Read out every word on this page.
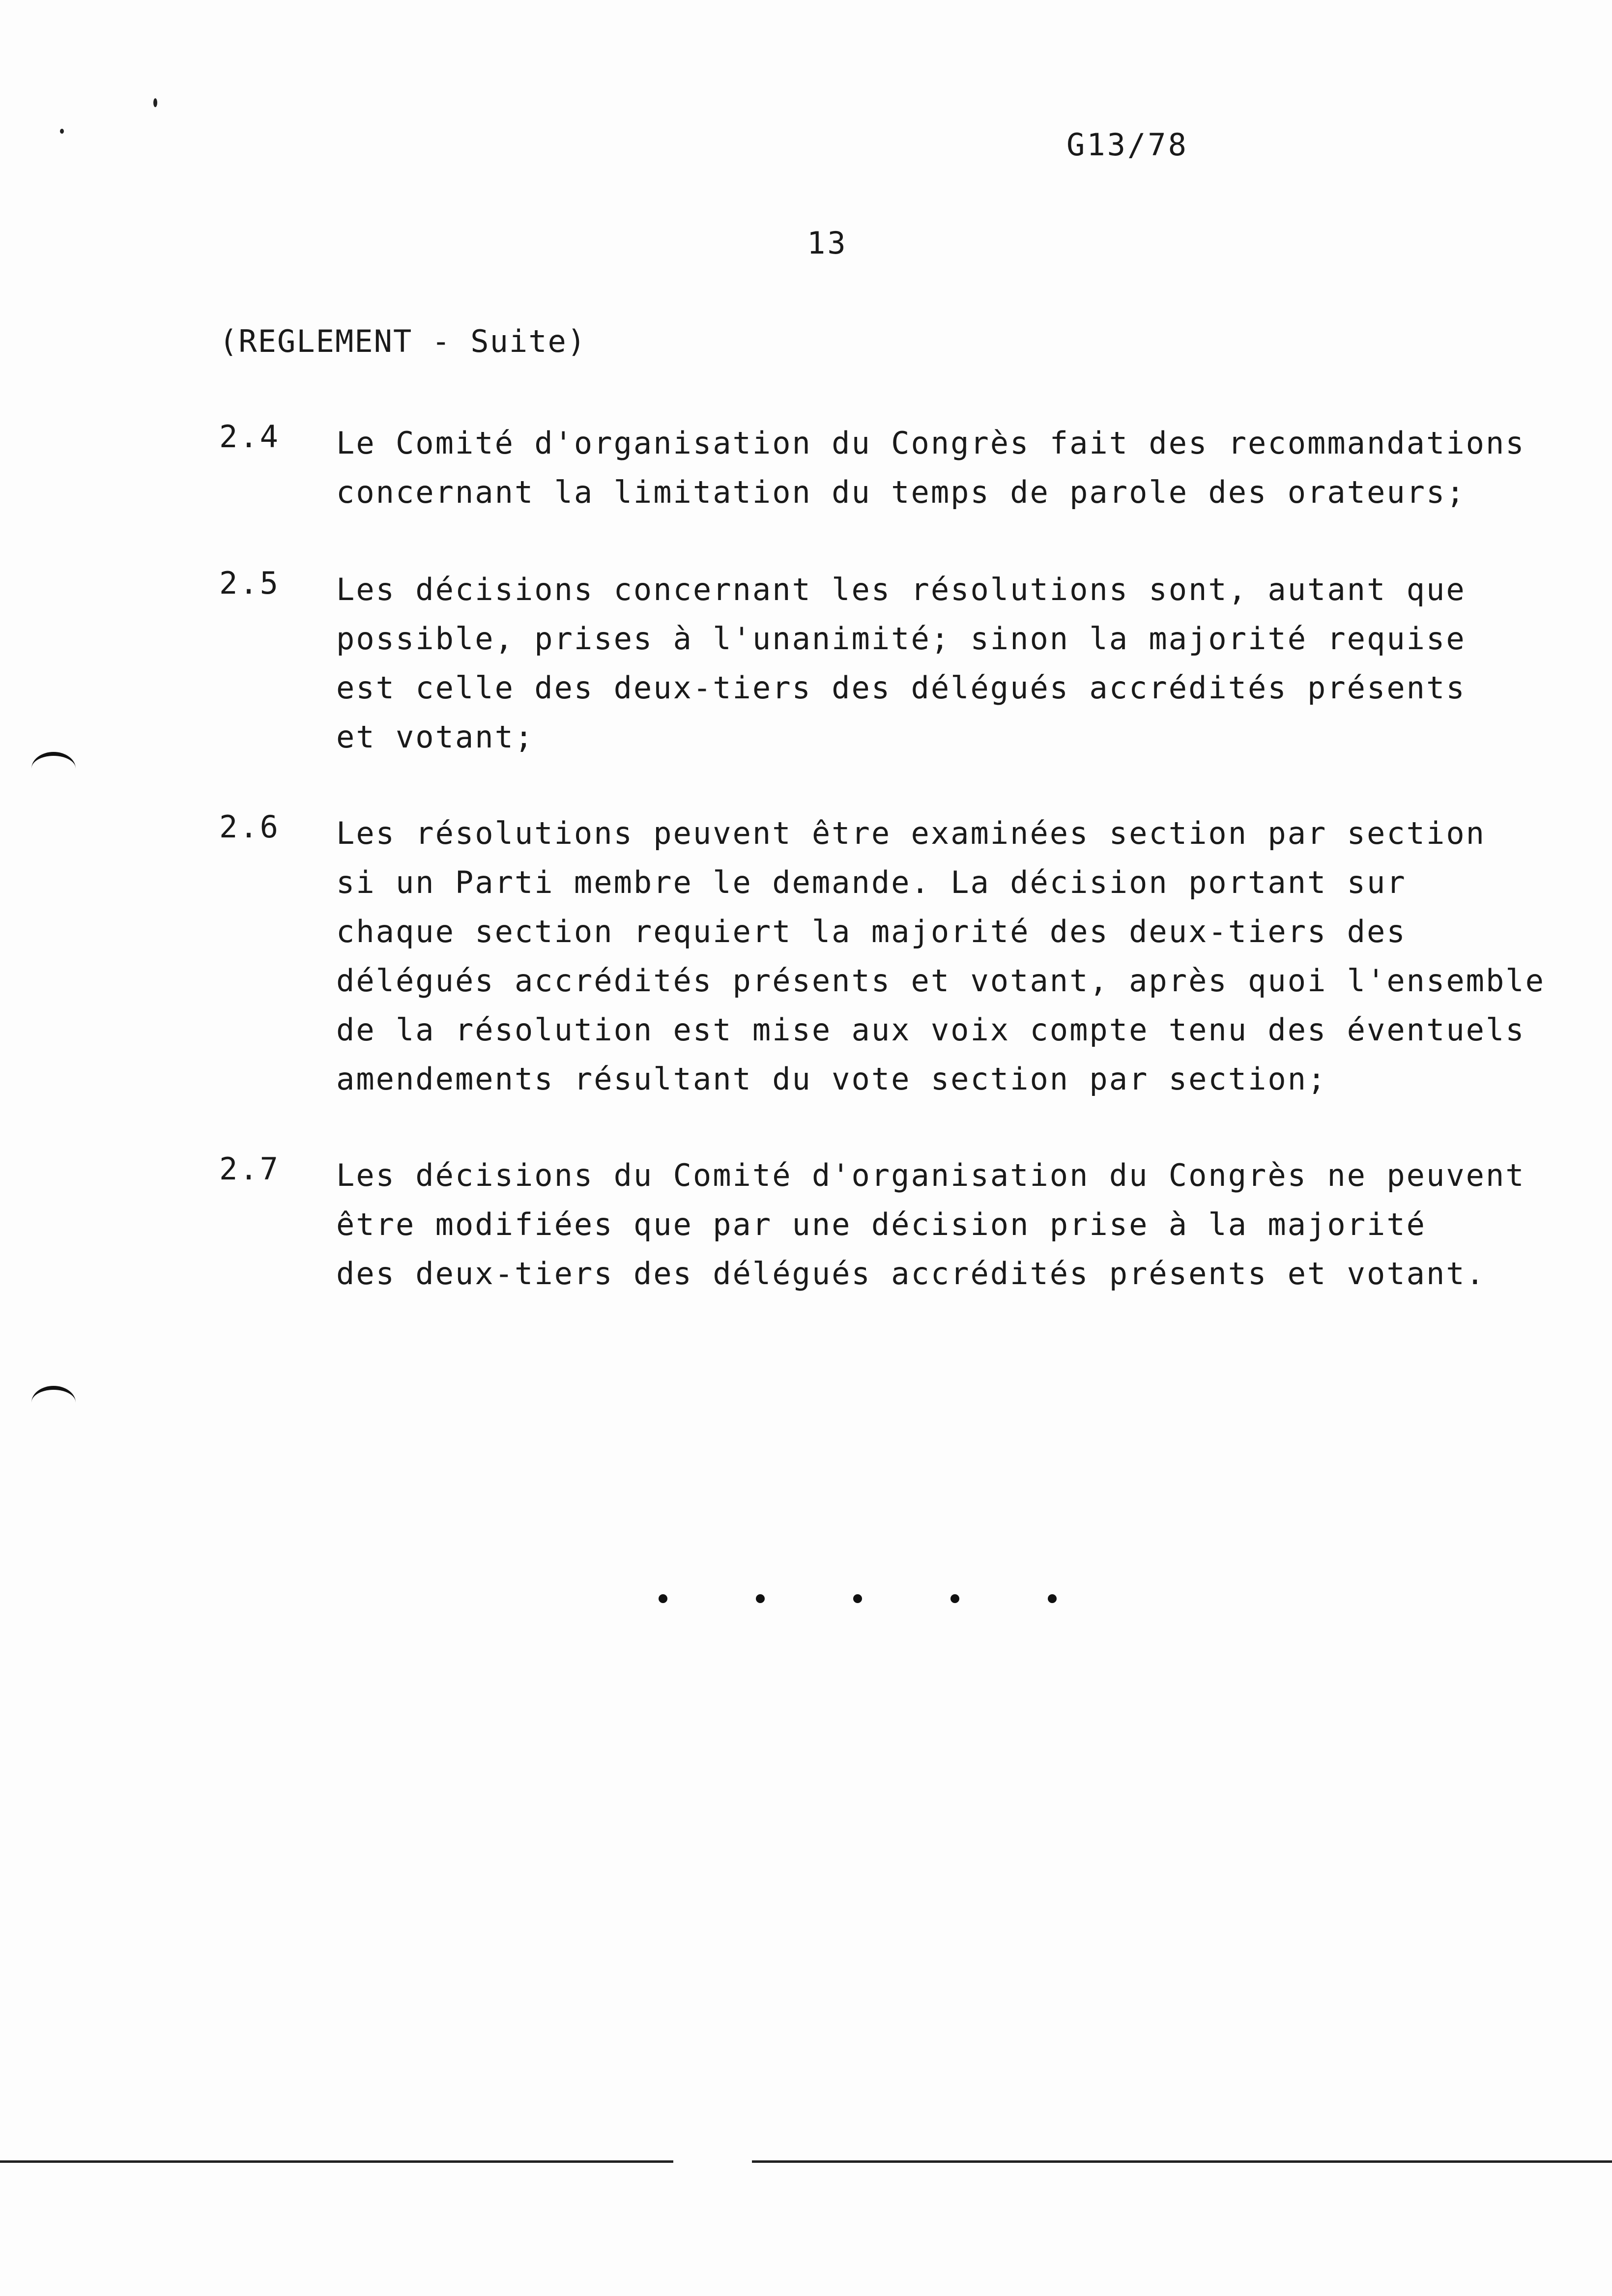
G13/78
13
(REGLEMENT - Suite)
2.4 Le Comité d'organisation du Congrès fait des recommandations
concernant la limitation du temps de parole des orateurs;
2.5 Les décisions concernant les résolutions sont, autant que
possible, prises à l'unanimité; sinon la majorité requise
est celle des deux-tiers des délégués accrédités présents
et votant;
2.6 Les résolutions peuvent être examinées section par section
si un Parti membre le demande. La décision portant sur
chaque section requiert la majorité des deux-tiers des
délégués accrédités présents et votant, après quoi l'ensemble
de la résolution est mise aux voix compte tenu des éventuels
amendements résultant du vote section par section;
2.7 Les décisions du Comité d'organisation du Congrès ne peuvent
être modifiées que par une décision prise à la majorité
des deux-tiers des délégués accrédités présents et votant.
